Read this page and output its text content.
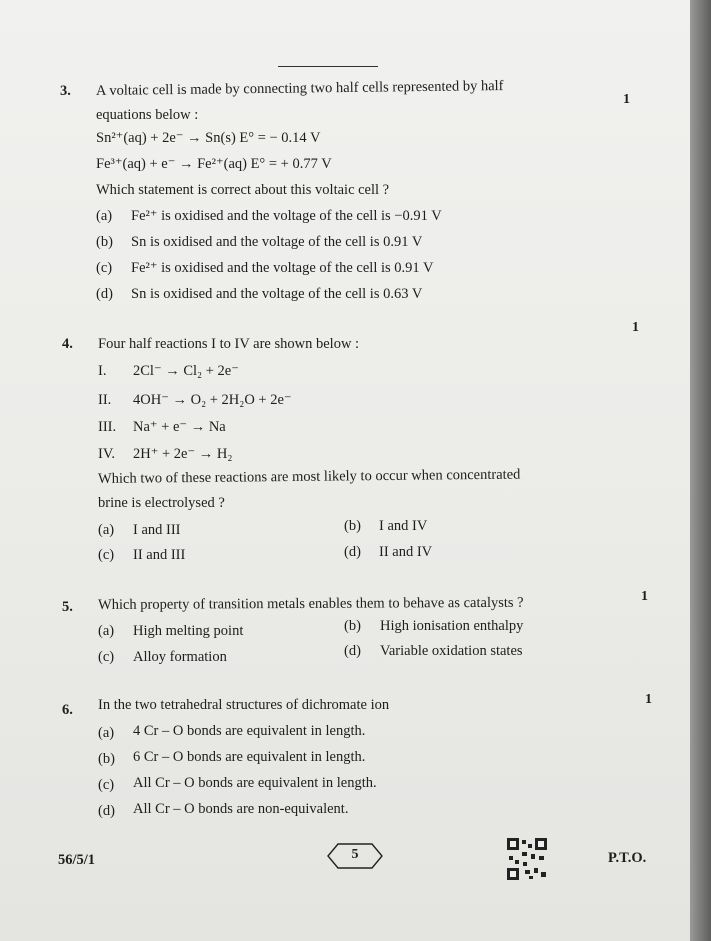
3. A voltaic cell is made by connecting two half cells represented by half
1
equations below :
Sn²⁺(aq) + 2e⁻ → Sn(s) E° = − 0.14 V
Fe³⁺(aq) + e⁻ → Fe²⁺(aq) E° = + 0.77 V
Which statement is correct about this voltaic cell ?
(a) Fe²⁺ is oxidised and the voltage of the cell is −0.91 V
(b) Sn is oxidised and the voltage of the cell is 0.91 V
(c) Fe²⁺ is oxidised and the voltage of the cell is 0.91 V
(d) Sn is oxidised and the voltage of the cell is 0.63 V
1
4. Four half reactions I to IV are shown below :
I. 2Cl⁻ → Cl₂ + 2e⁻
II. 4OH⁻ → O₂ + 2H₂O + 2e⁻
III. Na⁺ + e⁻ → Na
IV. 2H⁺ + 2e⁻ → H₂
Which two of these reactions are most likely to occur when concentrated
brine is electrolysed ?
(a) I and III	(b) I and IV
(c) II and III	(d) II and IV
5. Which property of transition metals enables them to behave as catalysts ?	1
(a) High melting point	(b) High ionisation enthalpy
(c) Alloy formation	(d) Variable oxidation states
6. In the two tetrahedral structures of dichromate ion	1
(a) 4 Cr – O bonds are equivalent in length.
(b) 6 Cr – O bonds are equivalent in length.
(c) All Cr – O bonds are equivalent in length.
(d) All Cr – O bonds are non-equivalent.
56/5/1	5	P.T.O.
